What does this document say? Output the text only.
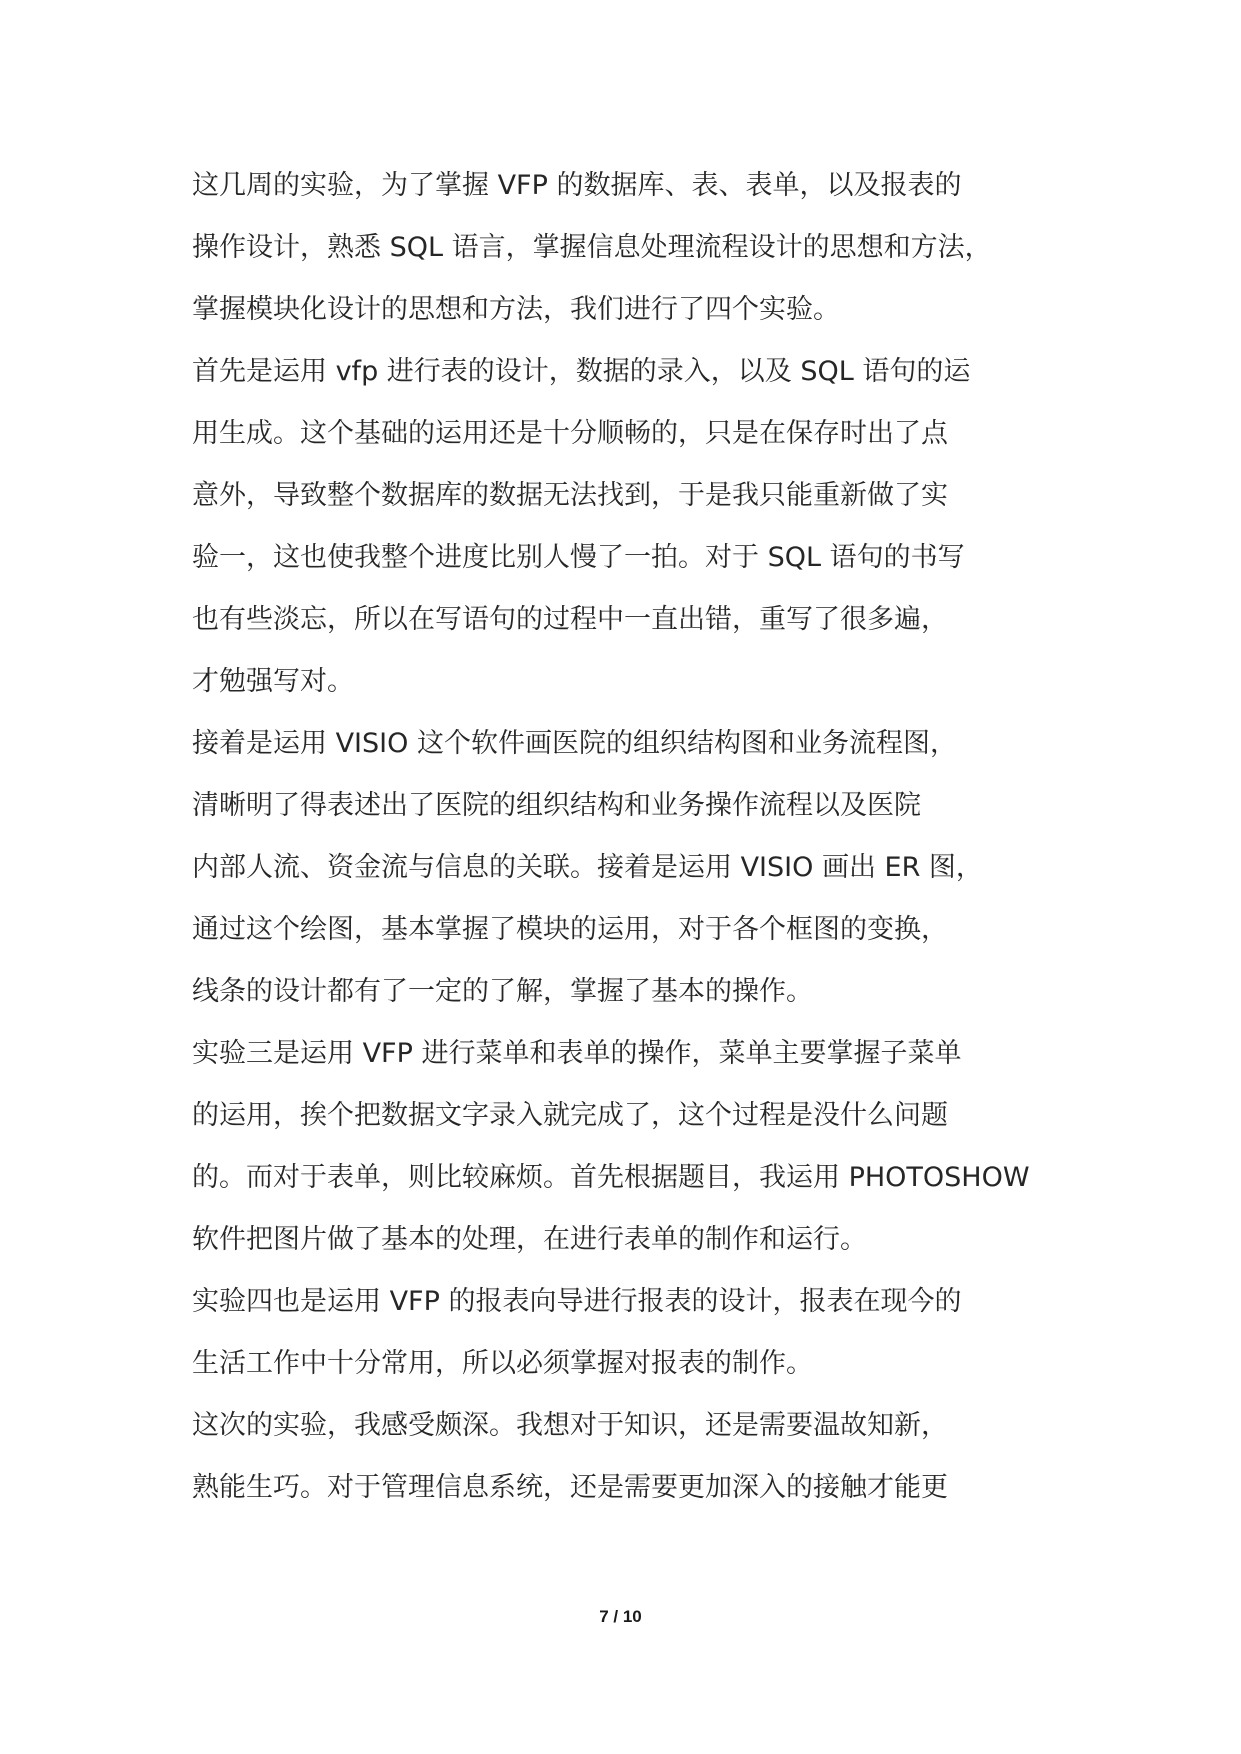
这几周的实验，为了掌握 VFP 的数据库、表、表单，以及报表的
操作设计，熟悉 SQL 语言，掌握信息处理流程设计的思想和方法，
掌握模块化设计的思想和方法，我们进行了四个实验。
首先是运用 vfp 进行表的设计，数据的录入，以及 SQL 语句的运
用生成。这个基础的运用还是十分顺畅的，只是在保存时出了点
意外，导致整个数据库的数据无法找到，于是我只能重新做了实
验一，这也使我整个进度比别人慢了一拍。对于 SQL 语句的书写
也有些淡忘，所以在写语句的过程中一直出错，重写了很多遍，
才勉强写对。
接着是运用 VISIO 这个软件画医院的组织结构图和业务流程图，
清晰明了得表述出了医院的组织结构和业务操作流程以及医院
内部人流、资金流与信息的关联。接着是运用 VISIO 画出 ER 图，
通过这个绘图，基本掌握了模块的运用，对于各个框图的变换，
线条的设计都有了一定的了解，掌握了基本的操作。
实验三是运用 VFP 进行菜单和表单的操作，菜单主要掌握子菜单
的运用，挨个把数据文字录入就完成了，这个过程是没什么问题
的。而对于表单，则比较麻烦。首先根据题目，我运用 PHOTOSHOW
软件把图片做了基本的处理，在进行表单的制作和运行。
实验四也是运用 VFP 的报表向导进行报表的设计，报表在现今的
生活工作中十分常用，所以必须掌握对报表的制作。
这次的实验，我感受颇深。我想对于知识，还是需要温故知新，
熟能生巧。对于管理信息系统，还是需要更加深入的接触才能更
7 / 10
